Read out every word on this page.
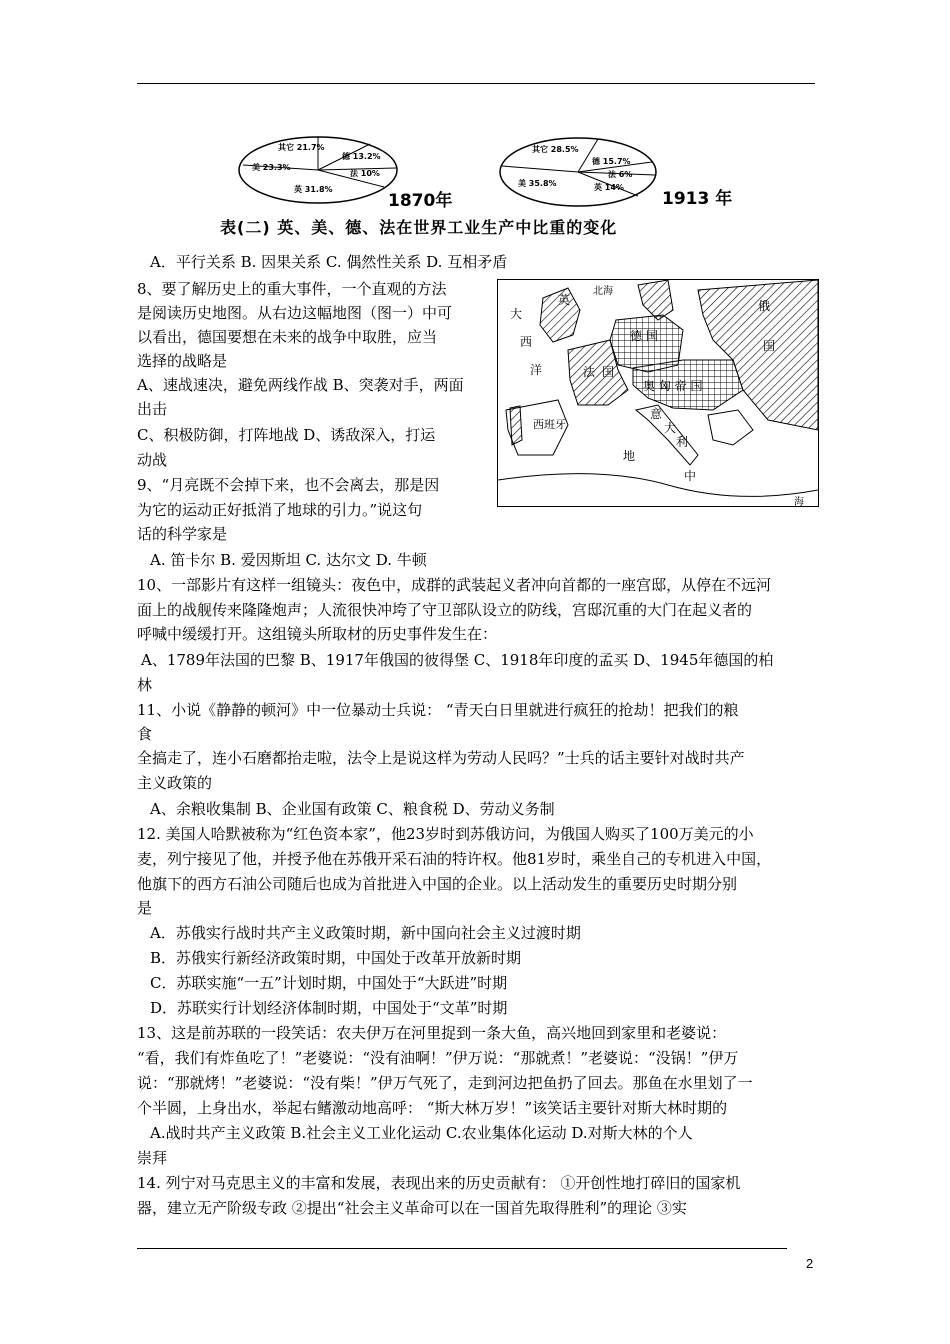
其它 21.7%
美 23.3%
德 13.2%
法 10%
英 31.8%
1870年
其它 28.5%
德 15.7%
法 6%
英 14%
美 35.8%
1913 年
表(二) 英、美、德、法在世界工业生产中比重的变化
英
北海
大
西
洋
德 国
俄
国
法 国
奥 匈 帝 国
西班牙
意
大
利
地
中
海
A．平行关系 B. 因果关系 C. 偶然性关系 D. 互相矛盾
8、要了解历史上的重大事件，一个直观的方法
是阅读历史地图。从右边这幅地图（图一）中可
以看出，德国要想在未来的战争中取胜，应当
选择的战略是
A、速战速决，避免两线作战 B、突袭对手，两面
出击
C、积极防御，打阵地战 D、诱敌深入，打运
动战
9、“月亮既不会掉下来，也不会离去，那是因
为它的运动正好抵消了地球的引力。”说这句
话的科学家是
A. 笛卡尔 B. 爱因斯坦 C. 达尔文 D. 牛顿
10、一部影片有这样一组镜头：夜色中，成群的武装起义者冲向首都的一座宫邸，从停在不远河
面上的战舰传来隆隆炮声；人流很快冲垮了守卫部队设立的防线，宫邸沉重的大门在起义者的
呼喊中缓缓打开。这组镜头所取材的历史事件发生在：
A、1789年法国的巴黎 B、1917年俄国的彼得堡 C、1918年印度的孟买 D、1945年德国的柏
林
11、小说《静静的顿河》中一位暴动士兵说： “青天白日里就进行疯狂的抢劫！把我们的粮
食
全搞走了，连小石磨都抬走啦，法令上是说这样为劳动人民吗？”士兵的话主要针对战时共产
主义政策的
A、余粮收集制 B、企业国有政策 C、粮食税 D、劳动义务制
12. 美国人哈默被称为“红色资本家”，他23岁时到苏俄访问，为俄国人购买了100万美元的小
麦，列宁接见了他，并授予他在苏俄开采石油的特许权。他81岁时，乘坐自己的专机进入中国，
他旗下的西方石油公司随后也成为首批进入中国的企业。以上活动发生的重要历史时期分别
是
A．苏俄实行战时共产主义政策时期，新中国向社会主义过渡时期
B．苏俄实行新经济政策时期，中国处于改革开放新时期
C．苏联实施“一五”计划时期，中国处于“大跃进”时期
D．苏联实行计划经济体制时期，中国处于“文革”时期
13、这是前苏联的一段笑话：农夫伊万在河里捉到一条大鱼，高兴地回到家里和老婆说：
“看，我们有炸鱼吃了！”老婆说：“没有油啊！”伊万说：“那就煮！”老婆说：“没锅！”伊万
说：“那就烤！”老婆说：“没有柴！”伊万气死了，走到河边把鱼扔了回去。那鱼在水里划了一
个半圆，上身出水，举起右鳍激动地高呼： “斯大林万岁！”该笑话主要针对斯大林时期的
A.战时共产主义政策 B.社会主义工业化运动 C.农业集体化运动 D.对斯大林的个人
崇拜
14. 列宁对马克思主义的丰富和发展，表现出来的历史贡献有： ①开创性地打碎旧的国家机
器，建立无产阶级专政 ②提出“社会主义革命可以在一国首先取得胜利”的理论 ③实
2
